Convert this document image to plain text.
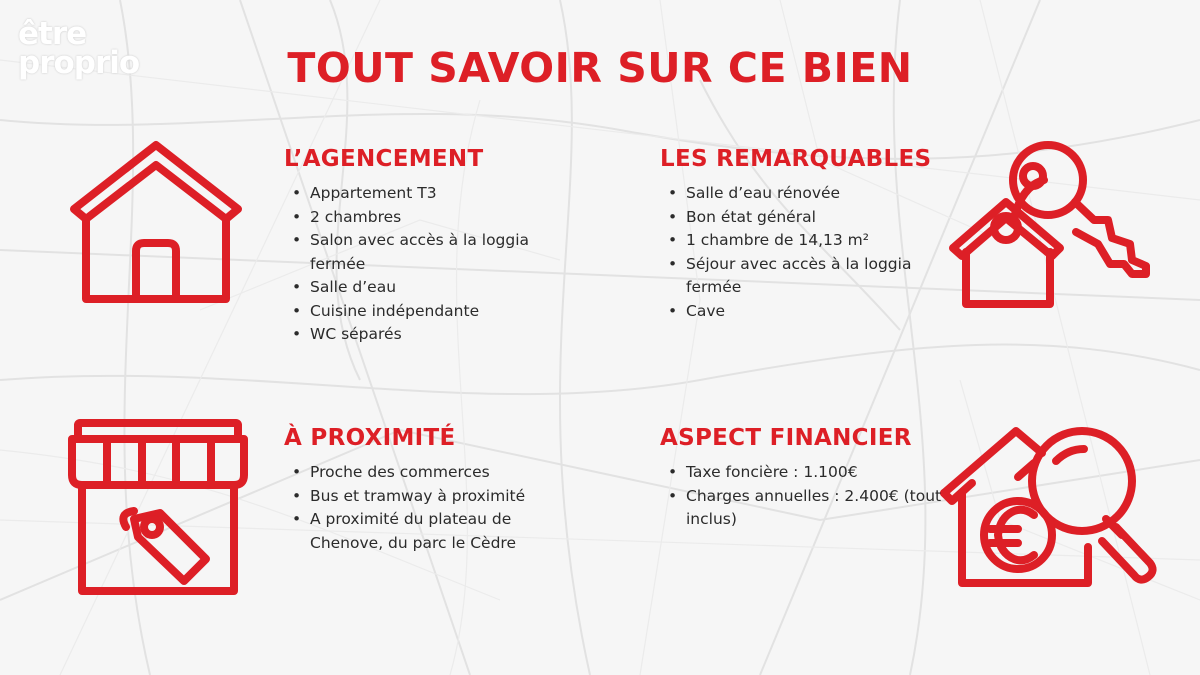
être
proprio	TOUT SAVOIR SUR CE BIEN
L’AGENCEMENT
• Appartement T3
• 2 chambres
• Salon avec accès à la loggia fermée
• Salle d’eau
• Cuisine indépendante
• WC séparés
LES REMARQUABLES
• Salle d’eau rénovée
• Bon état général
• 1 chambre de 14,13 m²
• Séjour avec accès à la loggia fermée
• Cave
À PROXIMITÉ
• Proche des commerces
• Bus et tramway à proximité
• A proximité du plateau de Chenove, du parc le Cèdre
ASPECT FINANCIER
• Taxe foncière : 1.100€
• Charges annuelles : 2.400€ (tout inclus)
